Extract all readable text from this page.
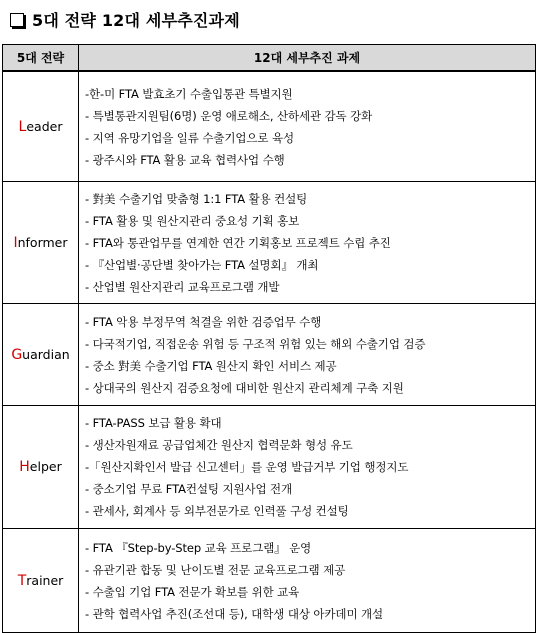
5대 전략 12대 세부추진과제
5대 전략	12대 세부추진 과제
Leader	-한-미 FTA 발효초기 수출입통관 특별지원
- 특별통관지원팀(6명) 운영 애로해소, 산하세관 감독 강화
- 지역 유망기업을 일류 수출기업으로 육성
- 광주시와 FTA 활용 교육 협력사업 수행

Informer	- 對美 수출기업 맞춤형 1:1 FTA 활용 컨설팅
- FTA 활용 및 원산지관리 중요성 기획 홍보
- FTA와 통관업무를 연계한 연간 기획홍보 프로젝트 수립 추진
- 『산업별·공단별 찾아가는 FTA 설명회』 개최
- 산업별 원산지관리 교육프로그램 개발

Guardian	- FTA 악용 부정무역 척결을 위한 검증업무 수행
- 다국적기업, 직접운송 위험 등 구조적 위험 있는 해외 수출기업 검증
- 중소 對美 수출기업 FTA 원산지 확인 서비스 제공
- 상대국의 원산지 검증요청에 대비한 원산지 관리체계 구축 지원

Helper	- FTA-PASS 보급 활용 확대
- 생산자원재료 공급업체간 원산지 협력문화 형성 유도
-「원산지확인서 발급 신고센터」를 운영 발급거부 기업 행정지도
- 중소기업 무료 FTA컨설팅 지원사업 전개
- 관세사, 회계사 등 외부전문가로 인력풀 구성 컨설팅

Trainer	- FTA 『Step-by-Step 교육 프로그램』 운영
- 유관기관 합동 및 난이도별 전문 교육프로그램 제공
- 수출입 기업 FTA 전문가 확보를 위한 교육
- 관학 협력사업 추진(조선대 등), 대학생 대상 아카데미 개설
